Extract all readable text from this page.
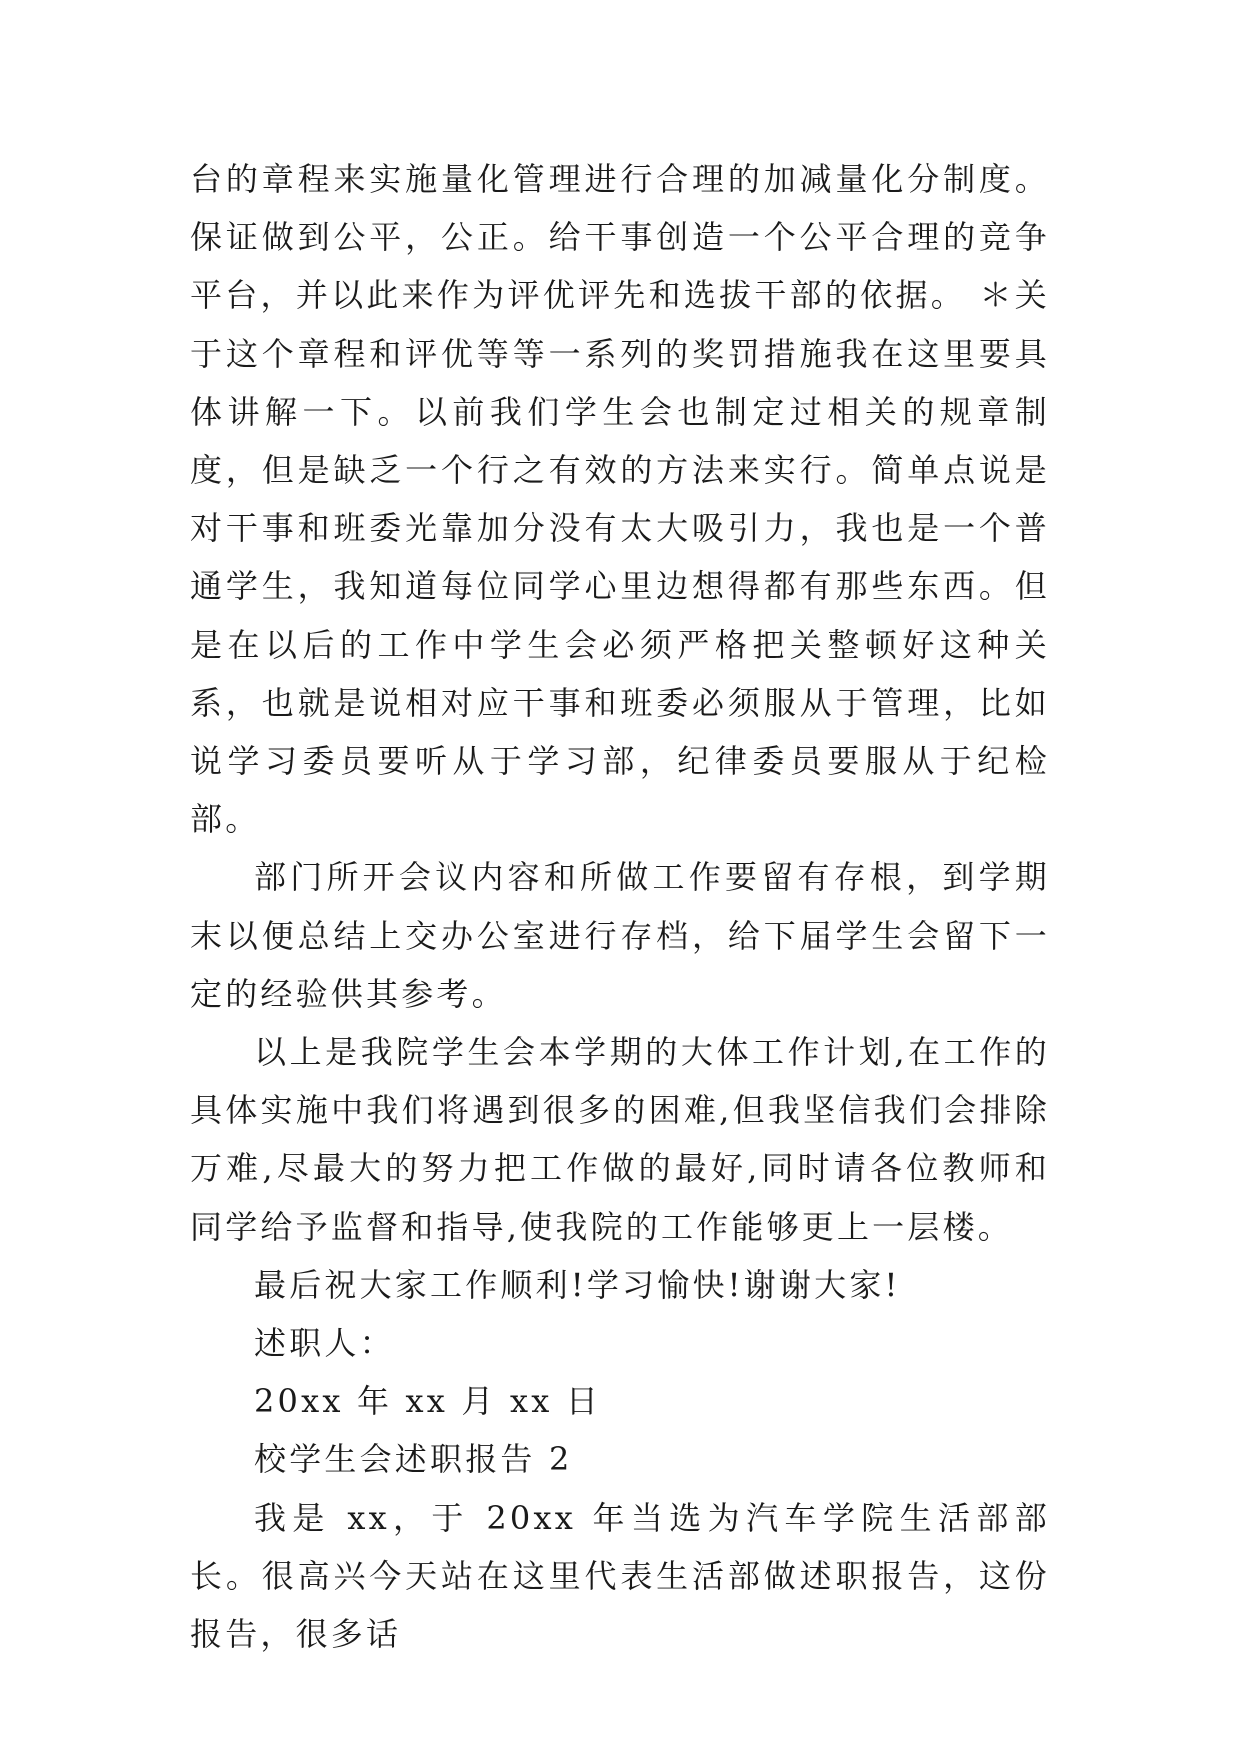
台的章程来实施量化管理进行合理的加减量化分制度。保证做到公平，公正。给干事创造一个公平合理的竞争平台，并以此来作为评优评先和选拔干部的依据。 ＊关于这个章程和评优等等一系列的奖罚措施我在这里要具体讲解一下。以前我们学生会也制定过相关的规章制度，但是缺乏一个行之有效的方法来实行。简单点说是对干事和班委光靠加分没有太大吸引力，我也是一个普通学生，我知道每位同学心里边想得都有那些东西。但是在以后的工作中学生会必须严格把关整顿好这种关系，也就是说相对应干事和班委必须服从于管理，比如说学习委员要听从于学习部，纪律委员要服从于纪检部。

部门所开会议内容和所做工作要留有存根，到学期末以便总结上交办公室进行存档，给下届学生会留下一定的经验供其参考。

以上是我院学生会本学期的大体工作计划,在工作的具体实施中我们将遇到很多的困难,但我坚信我们会排除万难,尽最大的努力把工作做的最好,同时请各位教师和同学给予监督和指导,使我院的工作能够更上一层楼。

最后祝大家工作顺利!学习愉快!谢谢大家!

述职人：

20xx 年 xx 月 xx 日

校学生会述职报告 2

我是 xx，于 20xx 年当选为汽车学院生活部部长。很高兴今天站在这里代表生活部做述职报告，这份报告，很多话
